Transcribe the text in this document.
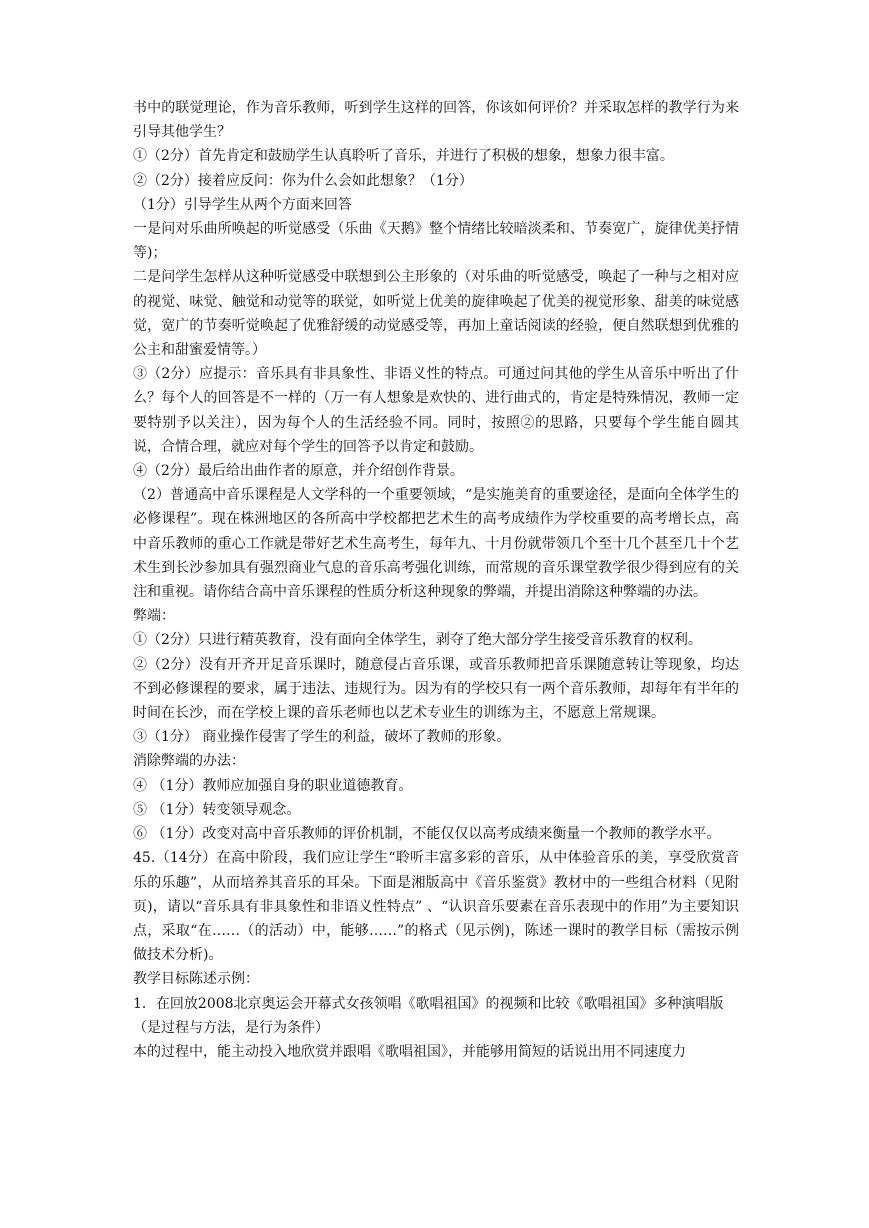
书中的联觉理论，作为音乐教师，听到学生这样的回答，你该如何评价？并采取怎样的教学行为来引导其他学生？

①（2分）首先肯定和鼓励学生认真聆听了音乐，并进行了积极的想象，想象力很丰富。

②（2分）接着应反问：你为什么会如此想象？（1分）

（1分）引导学生从两个方面来回答

一是问对乐曲所唤起的听觉感受（乐曲《天鹅》整个情绪比较暗淡柔和、节奏宽广，旋律优美抒情等)；

二是问学生怎样从这种听觉感受中联想到公主形象的（对乐曲的听觉感受，唤起了一种与之相对应的视觉、味觉、触觉和动觉等的联觉，如听觉上优美的旋律唤起了优美的视觉形象、甜美的味觉感觉，宽广的节奏听觉唤起了优雅舒缓的动觉感受等，再加上童话阅读的经验，便自然联想到优雅的公主和甜蜜爱情等。）

③（2分）应提示：音乐具有非具象性、非语义性的特点。可通过问其他的学生从音乐中听出了什么？每个人的回答是不一样的（万一有人想象是欢快的、进行曲式的，肯定是特殊情况，教师一定要特别予以关注），因为每个人的生活经验不同。同时，按照②的思路，只要每个学生能自圆其说，合情合理，就应对每个学生的回答予以肯定和鼓励。

④（2分）最后给出曲作者的原意，并介绍创作背景。

（2）普通高中音乐课程是人文学科的一个重要领域，“是实施美育的重要途径，是面向全体学生的必修课程”。现在株洲地区的各所高中学校都把艺术生的高考成绩作为学校重要的高考增长点，高中音乐教师的重心工作就是带好艺术生高考生，每年九、十月份就带领几个至十几个甚至几十个艺术生到长沙参加具有强烈商业气息的音乐高考强化训练，而常规的音乐课堂教学很少得到应有的关注和重视。请你结合高中音乐课程的性质分析这种现象的弊端，并提出消除这种弊端的办法。

弊端：

①（2分）只进行精英教育，没有面向全体学生，剥夺了绝大部分学生接受音乐教育的权利。

②（2分）没有开齐开足音乐课时，随意侵占音乐课，或音乐教师把音乐课随意转让等现象，均达不到必修课程的要求，属于违法、违规行为。因为有的学校只有一两个音乐教师，却每年有半年的时间在长沙，而在学校上课的音乐老师也以艺术专业生的训练为主，不愿意上常规课。

③（1分） 商业操作侵害了学生的利益，破坏了教师的形象。

消除弊端的办法：

④ （1分）教师应加强自身的职业道德教育。

⑤ （1分）转变领导观念。

⑥ （1分）改变对高中音乐教师的评价机制，不能仅仅以高考成绩来衡量一个教师的教学水平。

45.（14分）在高中阶段，我们应让学生“聆听丰富多彩的音乐，从中体验音乐的美，享受欣赏音乐的乐趣”，从而培养其音乐的耳朵。下面是湘版高中《音乐鉴赏》教材中的一些组合材料（见附页)，请以“音乐具有非具象性和非语义性特点” 、“认识音乐要素在音乐表现中的作用”为主要知识点，采取“在……（的活动）中，能够……”的格式（见示例)，陈述一课时的教学目标（需按示例做技术分析)。

教学目标陈述示例：

1．在回放2008北京奥运会开幕式女孩领唱《歌唱祖国》的视频和比较《歌唱祖国》多种演唱版

（是过程与方法，是行为条件）

本的过程中，能主动投入地欣赏并跟唱《歌唱祖国》，并能够用简短的话说出用不同速度力
